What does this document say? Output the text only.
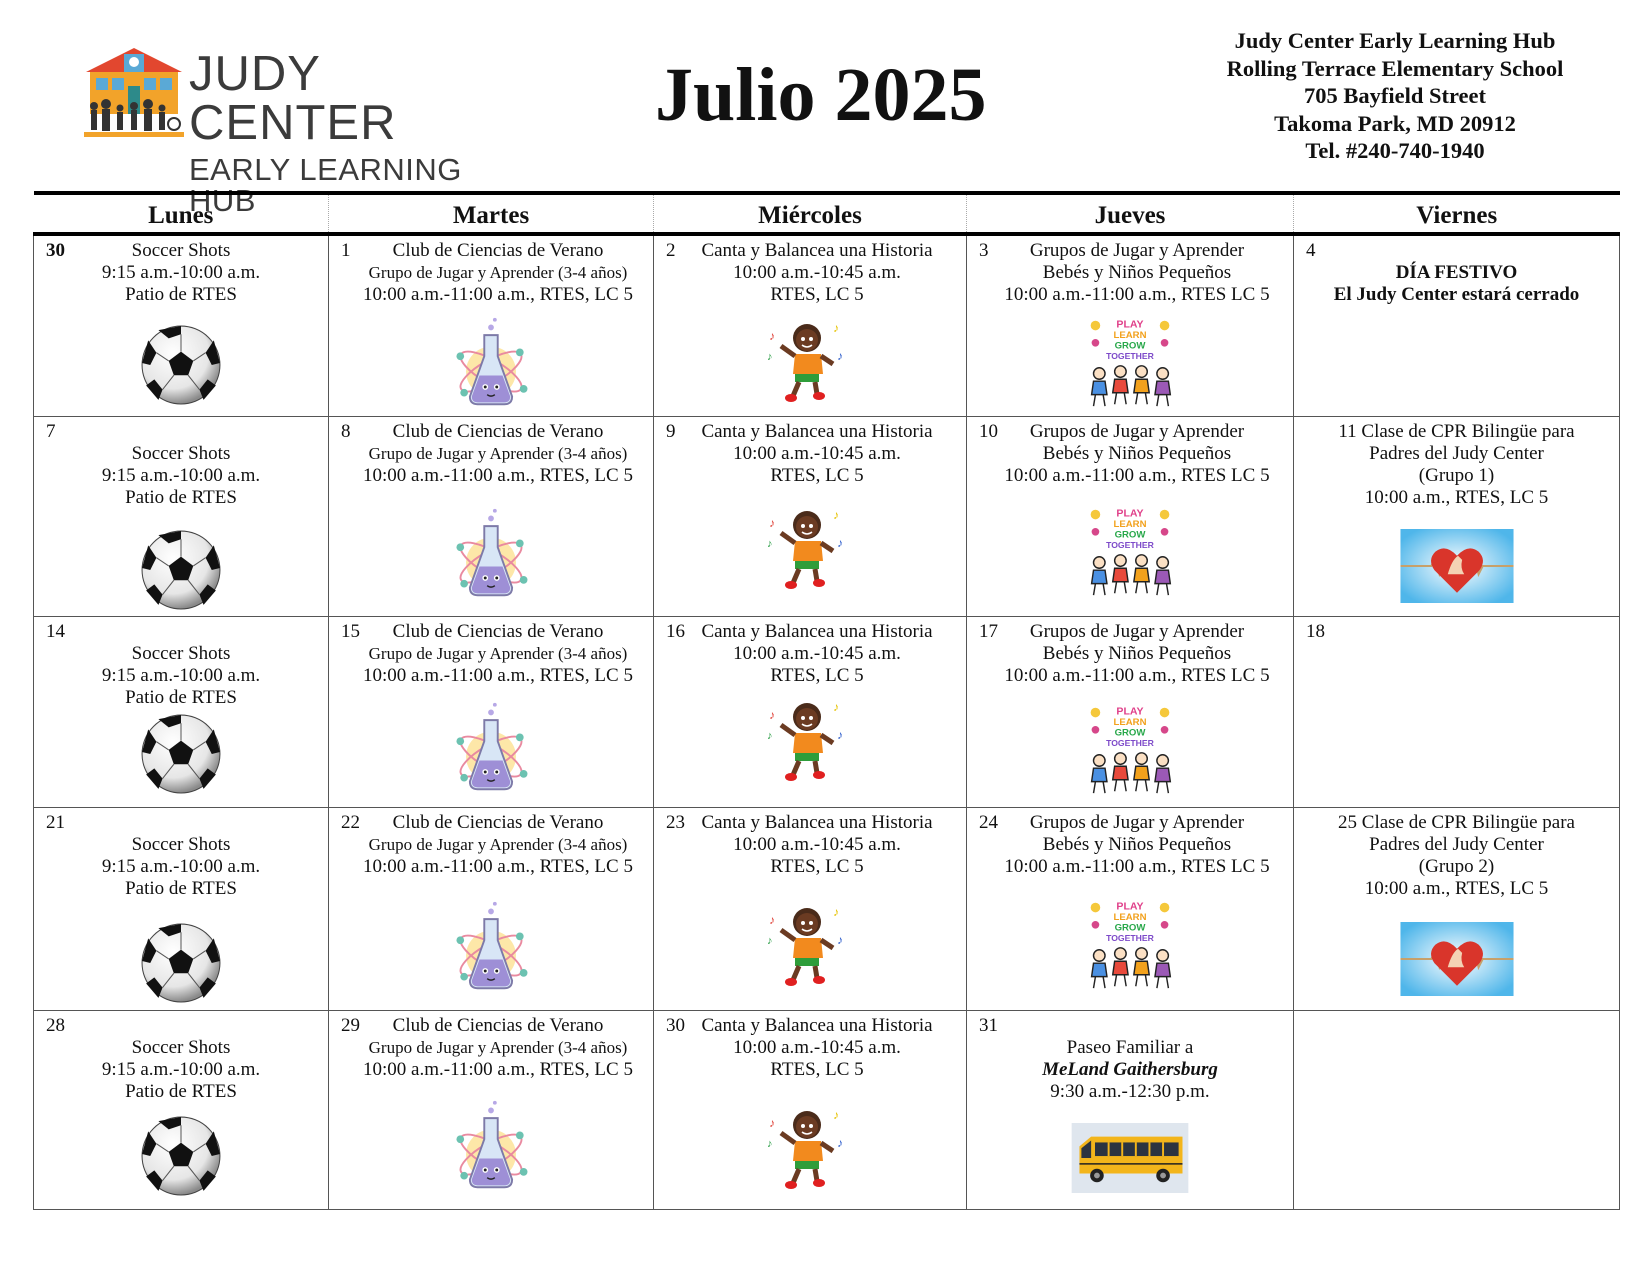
JUDY CENTER
EARLY LEARNING HUB
Julio 2025
Judy Center Early Learning Hub
Rolling Terrace Elementary School
705 Bayfield Street
Takoma Park, MD 20912
Tel. #240-740-1940
Lunes	Martes	Miércoles	Jueves	Viernes

30 Soccer Shots
9:15 a.m.-10:00 a.m.
Patio de RTES	1 Club de Ciencias de Verano
Grupo de Jugar y Aprender (3-4 años)
10:00 a.m.-11:00 a.m., RTES, LC 5	2 Canta y Balancea una Historia
10:00 a.m.-10:45 a.m.
RTES, LC 5	3 Grupos de Jugar y Aprender
Bebés y Niños Pequeños
10:00 a.m.-11:00 a.m., RTES LC 5	4
DÍA FESTIVO
El Judy Center estará cerrado

7
Soccer Shots
9:15 a.m.-10:00 a.m.
Patio de RTES	8 Club de Ciencias de Verano
Grupo de Jugar y Aprender (3-4 años)
10:00 a.m.-11:00 a.m., RTES, LC 5	9 Canta y Balancea una Historia
10:00 a.m.-10:45 a.m.
RTES, LC 5	10 Grupos de Jugar y Aprender
Bebés y Niños Pequeños
10:00 a.m.-11:00 a.m., RTES LC 5	11 Clase de CPR Bilingüe para
Padres del Judy Center
(Grupo 1)
10:00 a.m., RTES, LC 5

14
Soccer Shots
9:15 a.m.-10:00 a.m.
Patio de RTES	15 Club de Ciencias de Verano
Grupo de Jugar y Aprender (3-4 años)
10:00 a.m.-11:00 a.m., RTES, LC 5	16 Canta y Balancea una Historia
10:00 a.m.-10:45 a.m.
RTES, LC 5	17 Grupos de Jugar y Aprender
Bebés y Niños Pequeños
10:00 a.m.-11:00 a.m., RTES LC 5	18

21
Soccer Shots
9:15 a.m.-10:00 a.m.
Patio de RTES	22 Club de Ciencias de Verano
Grupo de Jugar y Aprender (3-4 años)
10:00 a.m.-11:00 a.m., RTES, LC 5	23 Canta y Balancea una Historia
10:00 a.m.-10:45 a.m.
RTES, LC 5	24 Grupos de Jugar y Aprender
Bebés y Niños Pequeños
10:00 a.m.-11:00 a.m., RTES LC 5	25 Clase de CPR Bilingüe para
Padres del Judy Center
(Grupo 2)
10:00 a.m., RTES, LC 5

28
Soccer Shots
9:15 a.m.-10:00 a.m.
Patio de RTES	29 Club de Ciencias de Verano
Grupo de Jugar y Aprender (3-4 años)
10:00 a.m.-11:00 a.m., RTES, LC 5	30 Canta y Balancea una Historia
10:00 a.m.-10:45 a.m.
RTES, LC 5	31
Paseo Familiar a
MeLand Gaithersburg
9:30 a.m.-12:30 p.m.	
